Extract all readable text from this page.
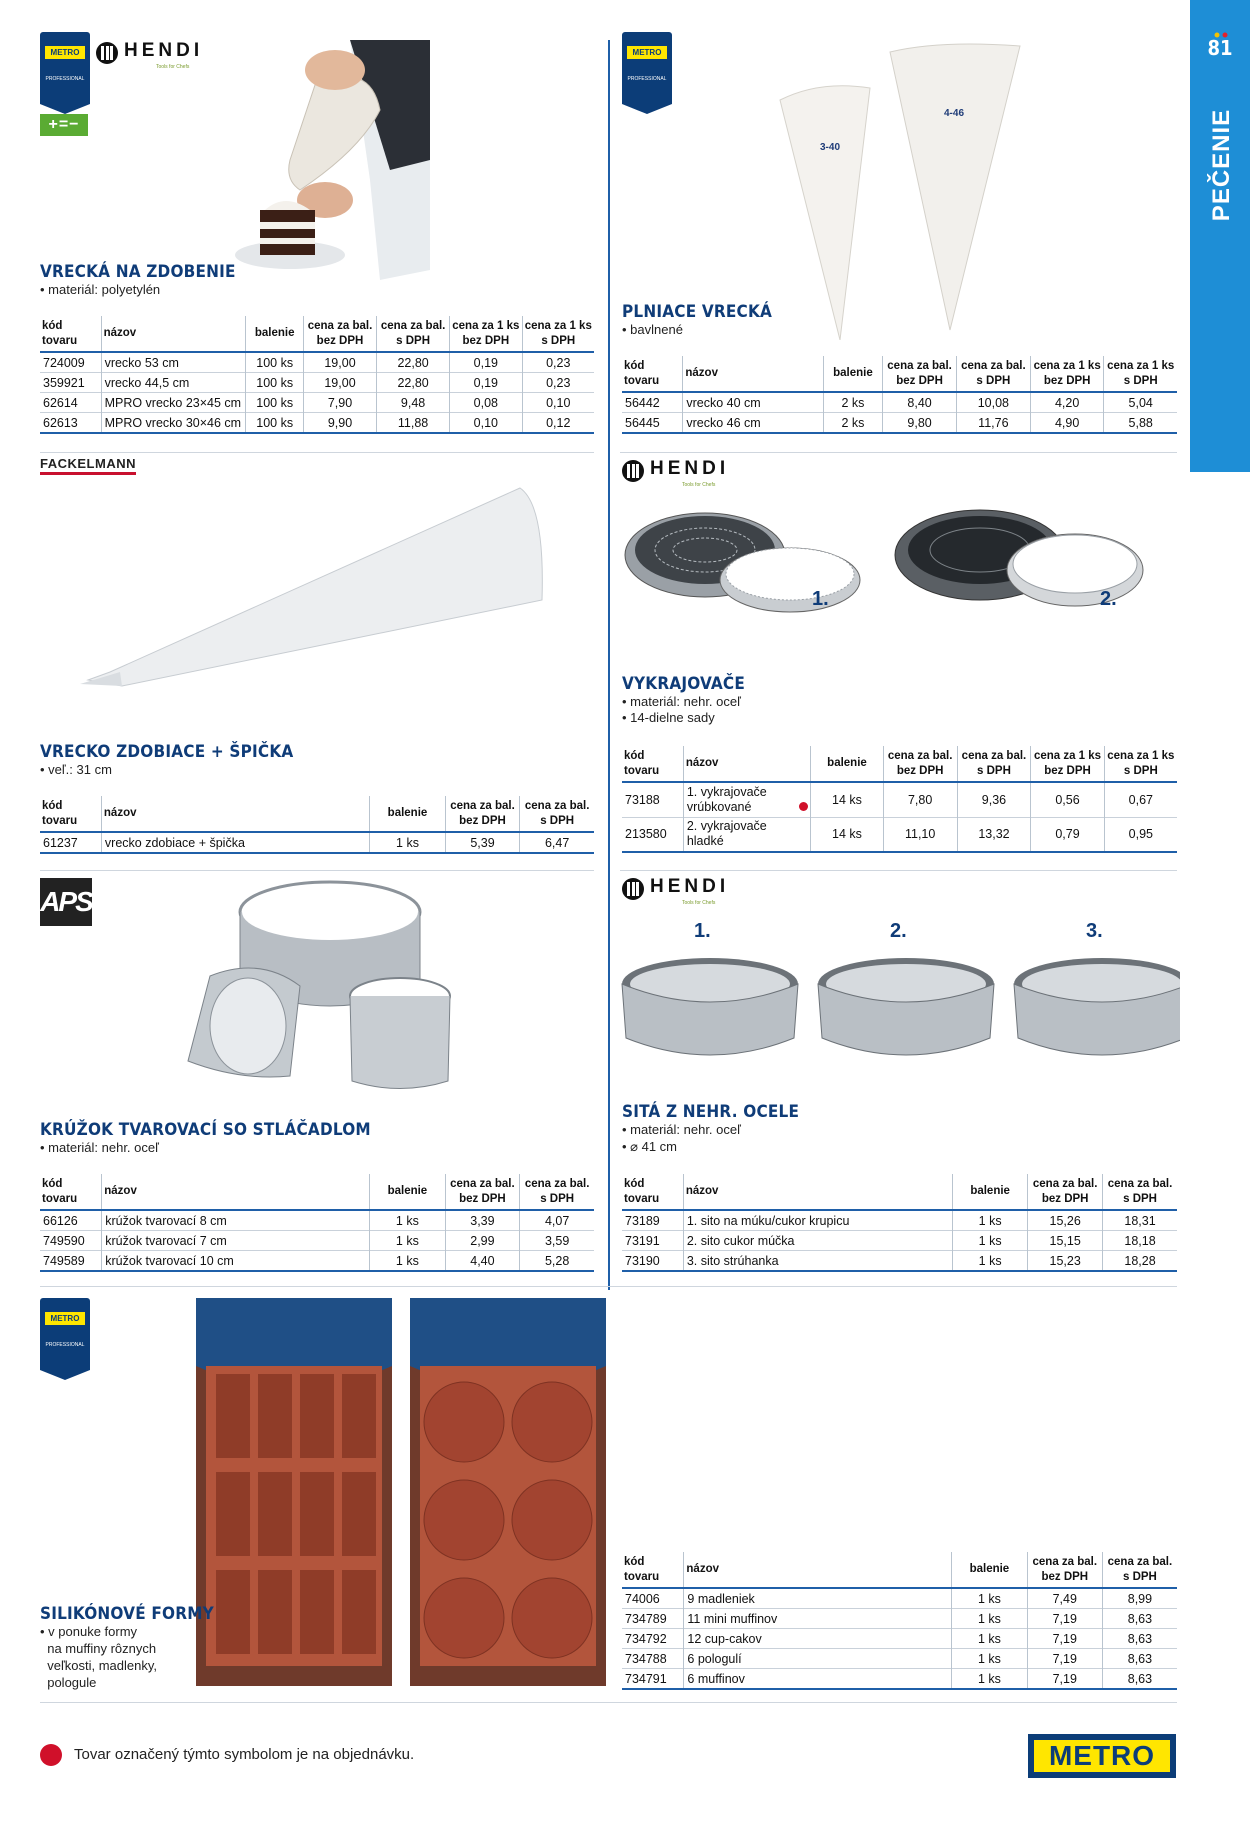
81
PEČENIE
METRO
PROFESSIONAL
+=−
HENDI
Tools for Chefs
VRECKÁ NA ZDOBENIE
• materiál: polyetylén
kód
tovaru	názov	balenie	cena za bal.
bez DPH	cena za bal.
s DPH	cena za 1 ks
bez DPH	cena za 1 ks
s DPH
724009	vrecko 53 cm	100 ks	19,00	22,80	0,19	0,23
359921	vrecko 44,5 cm	100 ks	19,00	22,80	0,19	0,23
62614	MPRO vrecko 23×45 cm	100 ks	7,90	9,48	0,08	0,10
62613	MPRO vrecko 30×46 cm	100 ks	9,90	11,88	0,10	0,12
METRO
PROFESSIONAL
3-40
4-46
PLNIACE VRECKÁ
• bavlnené
kód
tovaru	názov	balenie	cena za bal.
bez DPH	cena za bal.
s DPH	cena za 1 ks
bez DPH	cena za 1 ks
s DPH
56442	vrecko 40 cm	2 ks	8,40	10,08	4,20	5,04
56445	vrecko 46 cm	2 ks	9,80	11,76	4,90	5,88
FACKELMANN
VRECKO ZDOBIACE + ŠPIČKA
• veľ.: 31 cm
kód
tovaru	názov	balenie	cena za bal.
bez DPH	cena za bal.
s DPH
61237	vrecko zdobiace + špička	1 ks	5,39	6,47
HENDI
Tools for Chefs
1.	2.
VYKRAJOVAČE
• materiál: nehr. oceľ
• 14-dielne sady
kód
tovaru	názov	balenie	cena za bal.
bez DPH	cena za bal.
s DPH	cena za 1 ks
bez DPH	cena za 1 ks
s DPH
73188	1. vykrajovače
vrúbkované	14 ks	7,80	9,36	0,56	0,67
213580	2. vykrajovače
hladké	14 ks	11,10	13,32	0,79	0,95
APS
KRÚŽOK TVAROVACÍ SO STLÁČADLOM
• materiál: nehr. oceľ
kód
tovaru	názov	balenie	cena za bal.
bez DPH	cena za bal.
s DPH
66126	krúžok tvarovací 8 cm	1 ks	3,39	4,07
749590	krúžok tvarovací 7 cm	1 ks	2,99	3,59
749589	krúžok tvarovací 10 cm	1 ks	4,40	5,28
HENDI
Tools for Chefs
1.	2.	3.
SITÁ Z NEHR. OCELE
• materiál: nehr. oceľ
• ⌀ 41 cm
kód
tovaru	názov	balenie	cena za bal.
bez DPH	cena za bal.
s DPH
73189	1. sito na múku/cukor krupicu	1 ks	15,26	18,31
73191	2. sito cukor múčka	1 ks	15,15	18,18
73190	3. sito strúhanka	1 ks	15,23	18,28
METRO
PROFESSIONAL
SILIKÓNOVÉ FORMY
• v ponuke formy
na muffiny rôznych
veľkosti, madlenky,
pologule
kód
tovaru	názov	balenie	cena za bal.
bez DPH	cena za bal.
s DPH
74006	9 madleniek	1 ks	7,49	8,99
734789	11 mini muffinov	1 ks	7,19	8,63
734792	12 cup-cakov	1 ks	7,19	8,63
734788	6 pologulí	1 ks	7,19	8,63
734791	6 muffinov	1 ks	7,19	8,63
Tovar označený týmto symbolom je na objednávku.	METRO
